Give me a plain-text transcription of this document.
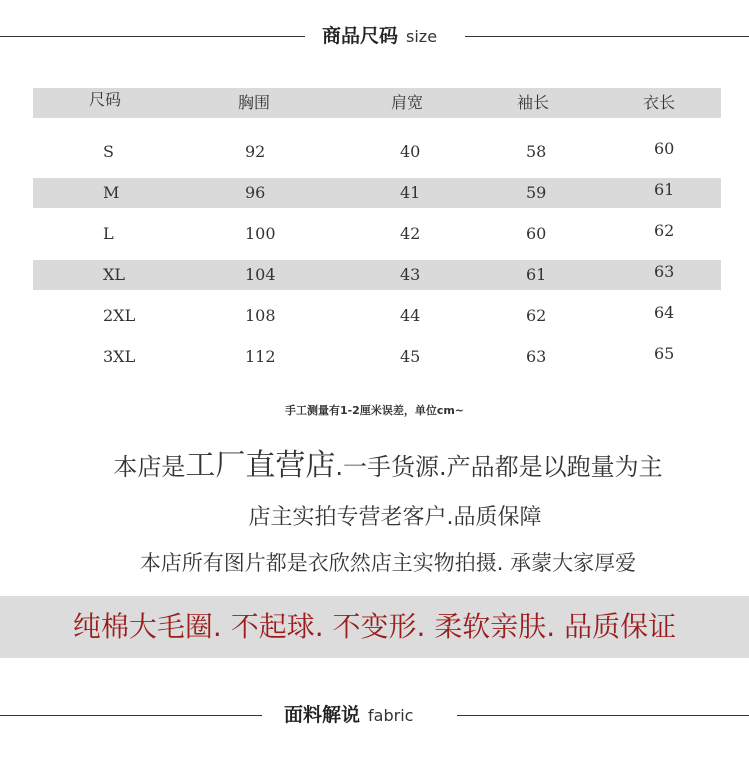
商品尺码 size
尺码	胸围	肩宽	袖长	衣长
S	92	40	58	60
M	96	41	59	61
L	100	42	60	62
XL	104	43	61	63
2XL	108	44	62	64
3XL	112	45	63	65
手工测量有1-2厘米误差，单位cm~
本店是工厂直营店.一手货源.产品都是以跑量为主
店主实拍专营老客户.品质保障
本店所有图片都是衣欣然店主实物拍摄. 承蒙大家厚爱
纯棉大毛圈. 不起球. 不变形. 柔软亲肤. 品质保证
面料解说 fabric
